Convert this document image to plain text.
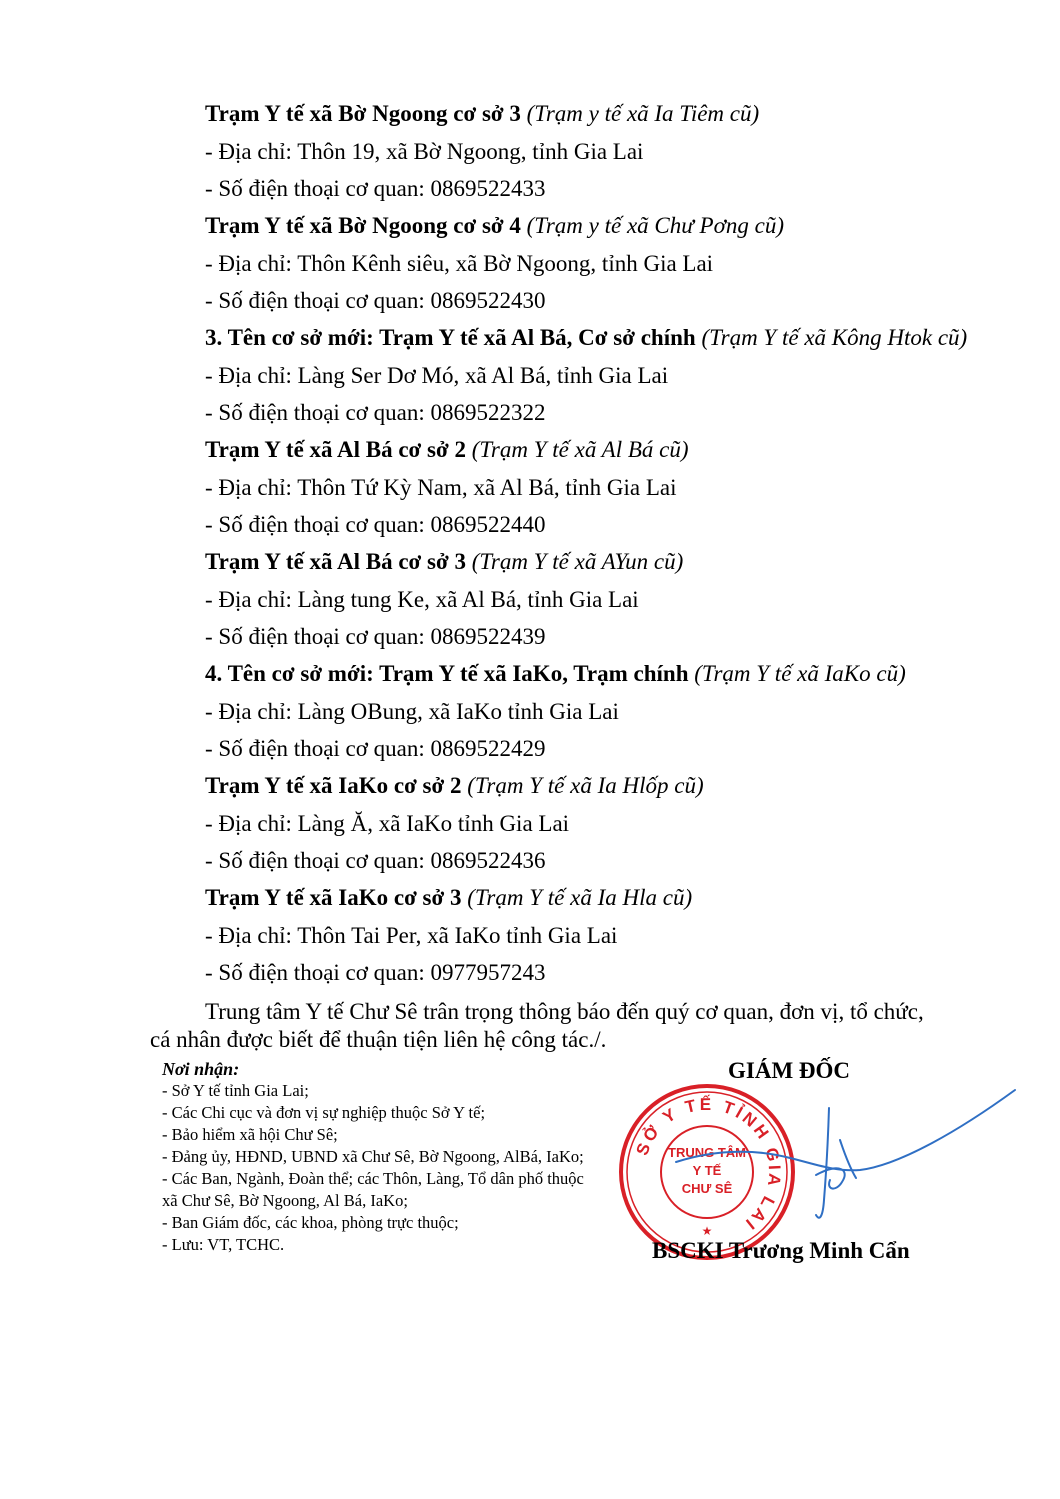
Trạm Y tế xã Bờ Ngoong cơ sở 3 (Trạm y tế xã Ia Tiêm cũ)
- Địa chỉ: Thôn 19, xã Bờ Ngoong, tỉnh Gia Lai
- Số điện thoại cơ quan: 0869522433
Trạm Y tế xã Bờ Ngoong cơ sở 4 (Trạm y tế xã Chư Pơng cũ)
- Địa chỉ: Thôn Kênh siêu, xã Bờ Ngoong, tỉnh Gia Lai
- Số điện thoại cơ quan: 0869522430
3. Tên cơ sở mới: Trạm Y tế xã Al Bá, Cơ sở chính (Trạm Y tế xã Kông Htok cũ)
- Địa chỉ: Làng Ser Dơ Mó, xã Al Bá, tỉnh Gia Lai
- Số điện thoại cơ quan: 0869522322
Trạm Y tế xã Al Bá cơ sở 2 (Trạm Y tế xã Al Bá cũ)
- Địa chỉ: Thôn Tứ Kỳ Nam, xã Al Bá, tỉnh Gia Lai
- Số điện thoại cơ quan: 0869522440
Trạm Y tế xã Al Bá cơ sở 3 (Trạm Y tế xã AYun cũ)
- Địa chỉ: Làng tung Ke, xã Al Bá, tỉnh Gia Lai
- Số điện thoại cơ quan: 0869522439
4. Tên cơ sở mới: Trạm Y tế xã IaKo, Trạm chính (Trạm Y tế xã IaKo cũ)
- Địa chỉ: Làng OBung, xã IaKo tỉnh Gia Lai
- Số điện thoại cơ quan: 0869522429
Trạm Y tế xã IaKo cơ sở 2 (Trạm Y tế xã Ia Hlốp cũ)
- Địa chỉ: Làng Ă, xã IaKo tỉnh Gia Lai
- Số điện thoại cơ quan: 0869522436
Trạm Y tế xã IaKo cơ sở 3 (Trạm Y tế xã Ia Hla cũ)
- Địa chỉ: Thôn Tai Per, xã IaKo tỉnh Gia Lai
- Số điện thoại cơ quan: 0977957243
Trung tâm Y tế Chư Sê trân trọng thông báo đến quý cơ quan, đơn vị, tổ chức,
cá nhân được biết để thuận tiện liên hệ công tác./.
Nơi nhận:
- Sở Y tế tỉnh Gia Lai;
- Các Chi cục và đơn vị sự nghiệp thuộc Sở Y tế;
- Bảo hiểm xã hội Chư Sê;
- Đảng ủy, HĐND, UBND xã Chư Sê, Bờ Ngoong, AlBá, IaKo;
- Các Ban, Ngành, Đoàn thể; các Thôn, Làng, Tổ dân phố thuộc xã Chư Sê, Bờ Ngoong, Al Bá, IaKo;
- Ban Giám đốc, các khoa, phòng trực thuộc;
- Lưu: VT, TCHC.
GIÁM ĐỐC
SỞ Y TẾ TỈNH GIA LAI
TRUNG TÂM
Y TẾ
CHƯ SÊ
★
BSCKI Trương Minh Cẩn
